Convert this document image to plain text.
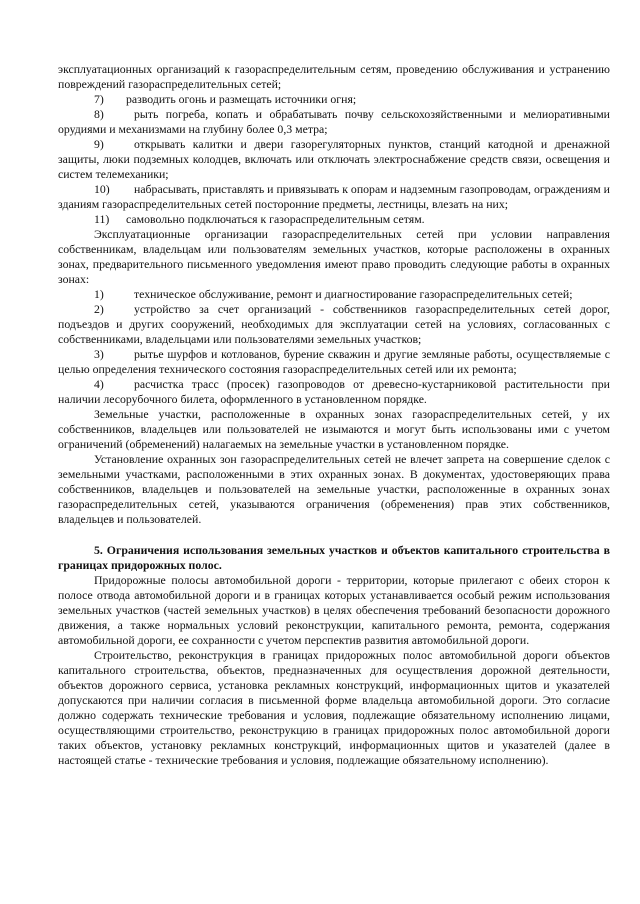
эксплуатационных организаций к газораспределительным сетям, проведению обслуживания и устранению повреждений газораспределительных сетей;

7)	разводить огонь и размещать источники огня;

8)	рыть погреба, копать и обрабатывать почву сельскохозяйственными и мелиоративными орудиями и механизмами на глубину более 0,3 метра;

9)	открывать калитки и двери газорегуляторных пунктов, станций катодной и дренажной защиты, люки подземных колодцев, включать или отключать электроснабжение средств связи, освещения и систем телемеханики;

10) набрасывать, приставлять и привязывать к опорам и надземным газопроводам, ограждениям и зданиям газораспределительных сетей посторонние предметы, лестницы, влезать на них;

11)	самовольно подключаться к газораспределительным сетям.

Эксплуатационные организации газораспределительных сетей при условии направления собственникам, владельцам или пользователям земельных участков, которые расположены в охранных зонах, предварительного письменного уведомления имеют право проводить следующие работы в охранных зонах:

1)	техническое обслуживание, ремонт и диагностирование газораспределительных сетей;

2)	устройство за счет организаций - собственников газораспределительных сетей дорог, подъездов и других сооружений, необходимых для эксплуатации сетей на условиях, согласованных с собственниками, владельцами или пользователями земельных участков;

3)	рытье шурфов и котлованов, бурение скважин и другие земляные работы, осуществляемые с целью определения технического состояния газораспределительных сетей или их ремонта;

4)	расчистка трасс (просек) газопроводов от древесно-кустарниковой растительности при наличии лесорубочного билета, оформленного в установленном порядке.

Земельные участки, расположенные в охранных зонах газораспределительных сетей, у их собственников, владельцев или пользователей не изымаются и могут быть использованы ими с учетом ограничений (обременений) налагаемых на земельные участки в установленном порядке.

Установление охранных зон газораспределительных сетей не влечет запрета на совершение сделок с земельными участками, расположенными в этих охранных зонах. В документах, удостоверяющих права собственников, владельцев и пользователей на земельные участки, расположенные в охранных зонах газораспределительных сетей, указываются ограничения (обременения) прав этих собственников, владельцев и пользователей.

5. Ограничения использования земельных участков и объектов капитального строительства в границах придорожных полос.

Придорожные полосы автомобильной дороги - территории, которые прилегают с обеих сторон к полосе отвода автомобильной дороги и в границах которых устанавливается особый режим использования земельных участков (частей земельных участков) в целях обеспечения требований безопасности дорожного движения, а также нормальных условий реконструкции, капитального ремонта, ремонта, содержания автомобильной дороги, ее сохранности с учетом перспектив развития автомобильной дороги.

Строительство, реконструкция в границах придорожных полос автомобильной дороги объектов капитального строительства, объектов, предназначенных для осуществления дорожной деятельности, объектов дорожного сервиса, установка рекламных конструкций, информационных щитов и указателей допускаются при наличии согласия в письменной форме владельца автомобильной дороги. Это согласие должно содержать технические требования и условия, подлежащие обязательному исполнению лицами, осуществляющими строительство, реконструкцию в границах придорожных полос автомобильной дороги таких объектов, установку рекламных конструкций, информационных щитов и указателей (далее в настоящей статье - технические требования и условия, подлежащие обязательному исполнению).
